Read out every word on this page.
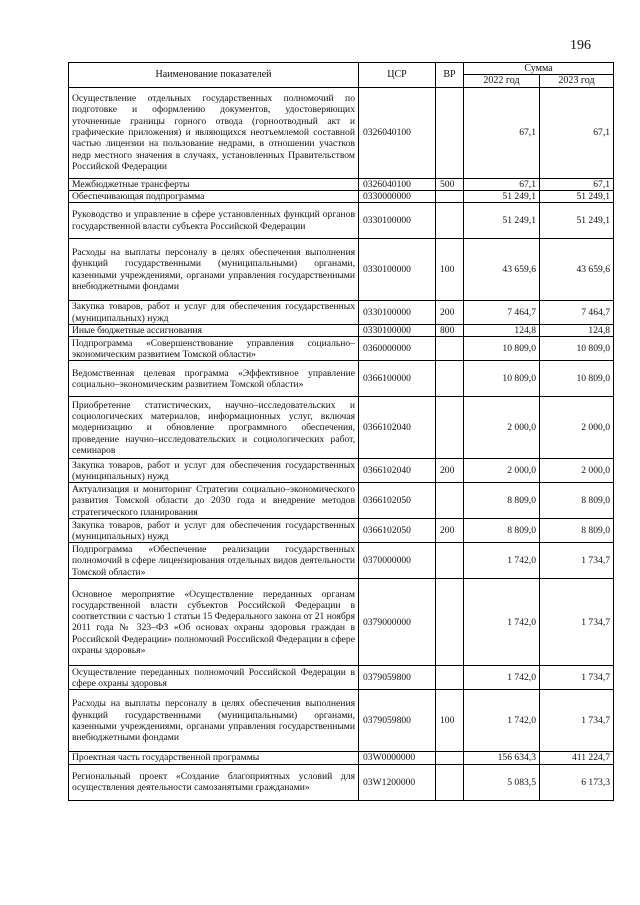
196
Наименование показателей	ЦСР	ВР	Сумма	
			2022 год	2023 год
Осуществление отдельных государственных полномочий по подготовке и оформлению документов, удостоверяющих уточненные границы горного отвода (горноотводный акт и графические приложения) и являющихся неотъемлемой составной частью лицензии на пользование недрами, в отношении участков недр местного значения в случаях, установленных Правительством Российской Федерации	0326040100		67,1	67,1
Межбюджетные трансферты	0326040100	500	67,1	67,1
Обеспечивающая подпрограмма	0330000000		51 249,1	51 249,1
Руководство и управление в сфере установленных функций органов государственной власти субъекта Российской Федерации	0330100000		51 249,1	51 249,1
Расходы на выплаты персоналу в целях обеспечения выполнения функций государственными (муниципальными) органами, казенными учреждениями, органами управления государственными внебюджетными фондами	0330100000	100	43 659,6	43 659,6
Закупка товаров, работ и услуг для обеспечения государственных (муниципальных) нужд	0330100000	200	7 464,7	7 464,7
Иные бюджетные ассигнования	0330100000	800	124,8	124,8
Подпрограмма «Совершенствование управления социально–экономическим развитием Томской области»	0360000000		10 809,0	10 809,0
Ведомственная целевая программа «Эффективное управление социально–экономическим развитием Томской области»	0366100000		10 809,0	10 809,0
Приобретение статистических, научно–исследовательских и социологических материалов, информационных услуг, включая модернизацию и обновление программного обеспечения, проведение научно–исследовательских и социологических работ, семинаров	0366102040		2 000,0	2 000,0
Закупка товаров, работ и услуг для обеспечения государственных (муниципальных) нужд	0366102040	200	2 000,0	2 000,0
Актуализация и мониторинг Стратегии социально–экономического развития Томской области до 2030 года и внедрение методов стратегического планирования	0366102050		8 809,0	8 809,0
Закупка товаров, работ и услуг для обеспечения государственных (муниципальных) нужд	0366102050	200	8 809,0	8 809,0
Подпрограмма «Обеспечение реализации государственных полномочий в сфере лицензирования отдельных видов деятельности Томской области»	0370000000		1 742,0	1 734,7
Основное мероприятие «Осуществление переданных органам государственной власти субъектов Российской Федерации в соответствии с частью 1 статьи 15 Федерального закона от 21 ноября 2011 года № 323–ФЗ «Об основах охраны здоровья граждан в Российской Федерации» полномочий Российской Федерации в сфере охраны здоровья»	0379000000		1 742,0	1 734,7
Осуществление переданных полномочий Российской Федерации в сфере охраны здоровья	0379059800		1 742,0	1 734,7
Расходы на выплаты персоналу в целях обеспечения выполнения функций государственными (муниципальными) органами, казенными учреждениями, органами управления государственными внебюджетными фондами	0379059800	100	1 742,0	1 734,7
Проектная часть государственной программы	03W0000000		156 634,3	411 224,7
Региональный проект «Создание благоприятных условий для осуществления деятельности самозанятыми гражданами»	03W1200000		5 083,5	6 173,3
